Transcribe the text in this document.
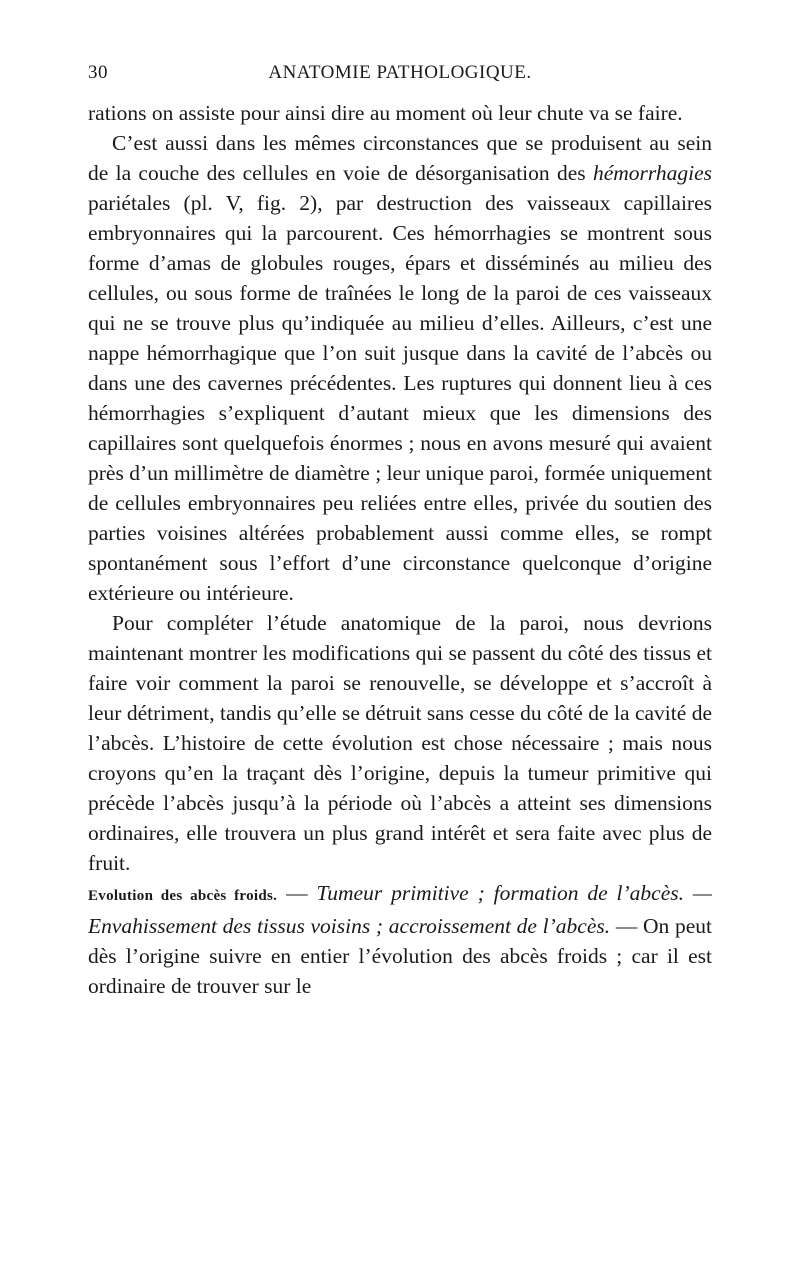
30	ANATOMIE PATHOLOGIQUE.

rations on assiste pour ainsi dire au moment où leur chute va se faire.

C’est aussi dans les mêmes circonstances que se produisent au sein de la couche des cellules en voie de désorganisation des hémorrhagies pariétales (pl. V, fig. 2), par destruction des vaisseaux capillaires embryonnaires qui la parcourent. Ces hémorrhagies se montrent sous forme d’amas de globules rouges, épars et disséminés au milieu des cellules, ou sous forme de traînées le long de la paroi de ces vaisseaux qui ne se trouve plus qu’indiquée au milieu d’elles. Ailleurs, c’est une nappe hémorrhagique que l’on suit jusque dans la cavité de l’abcès ou dans une des cavernes précédentes. Les ruptures qui donnent lieu à ces hémorrhagies s’expliquent d’autant mieux que les dimensions des capillaires sont quelquefois énormes ; nous en avons mesuré qui avaient près d’un millimètre de diamètre ; leur unique paroi, formée uniquement de cellules embryonnaires peu reliées entre elles, privée du soutien des parties voisines altérées probablement aussi comme elles, se rompt spontanément sous l’effort d’une circonstance quelconque d’origine extérieure ou intérieure.

Pour compléter l’étude anatomique de la paroi, nous devrions maintenant montrer les modifications qui se passent du côté des tissus et faire voir comment la paroi se renouvelle, se développe et s’accroît à leur détriment, tandis qu’elle se détruit sans cesse du côté de la cavité de l’abcès. L’histoire de cette évolution est chose nécessaire ; mais nous croyons qu’en la traçant dès l’origine, depuis la tumeur primitive qui précède l’abcès jusqu’à la période où l’abcès a atteint ses dimensions ordinaires, elle trouvera un plus grand intérêt et sera faite avec plus de fruit.

Evolution des abcès froids. — Tumeur primitive ; formation de l’abcès. — Envahissement des tissus voisins ; accroissement de l’abcès. — On peut dès l’origine suivre en entier l’évolution des abcès froids ; car il est ordinaire de trouver sur le
